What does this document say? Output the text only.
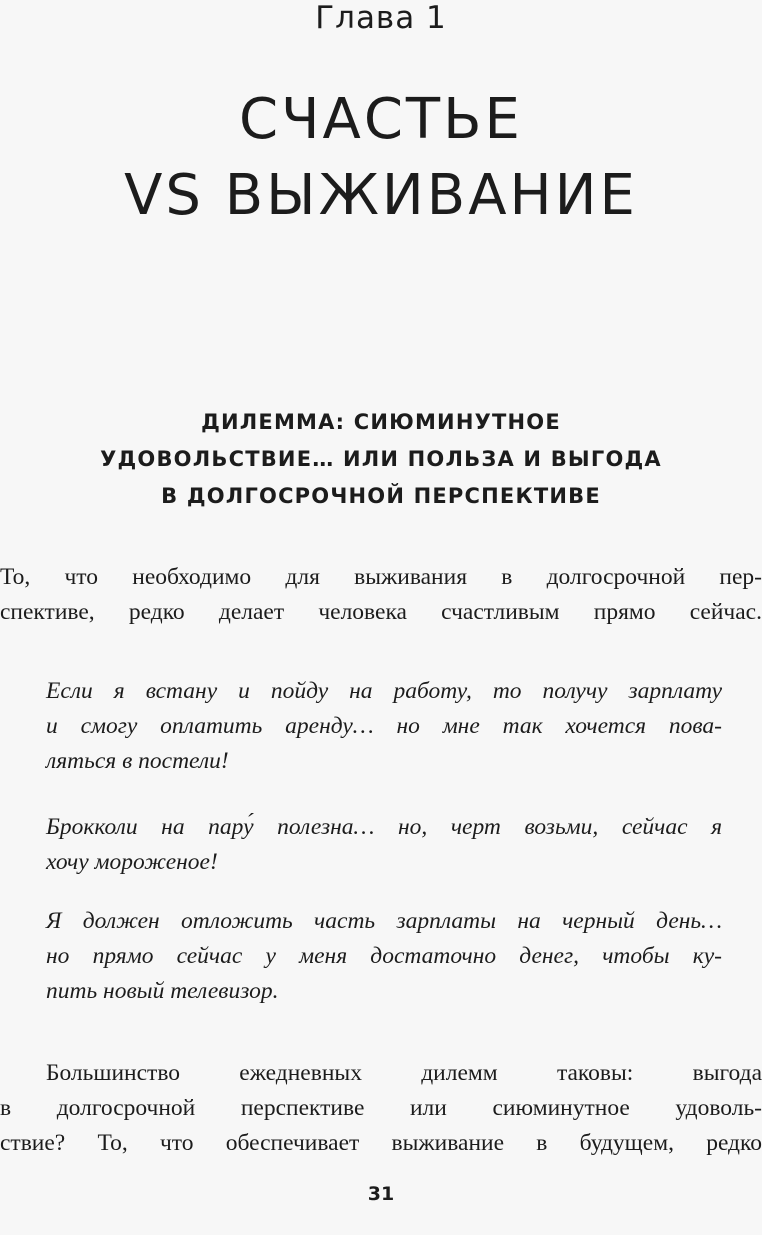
Глава 1
СЧАСТЬЕ
VS ВЫЖИВАНИЕ
ДИЛЕММА: СИЮМИНУТНОЕ
УДОВОЛЬСТВИЕ… ИЛИ ПОЛЬЗА И ВЫГОДА
В ДОЛГОСРОЧНОЙ ПЕРСПЕКТИВЕ
То, что необходимо для выживания в долгосрочной пер-
спективе, редко делает человека счастливым прямо сейчас.
Если я встану и пойду на работу, то получу зарплату
и смогу оплатить аренду… но мне так хочется пова-
ляться в постели!
Брокколи на пару́ полезна… но, черт возьми, сейчас я
хочу мороженое!
Я должен отложить часть зарплаты на черный день…
но прямо сейчас у меня достаточно денег, чтобы ку-
пить новый телевизор.
Большинство ежедневных дилемм таковы: выгода
в долгосрочной перспективе или сиюминутное удоволь-
ствие? То, что обеспечивает выживание в будущем, редко
31
